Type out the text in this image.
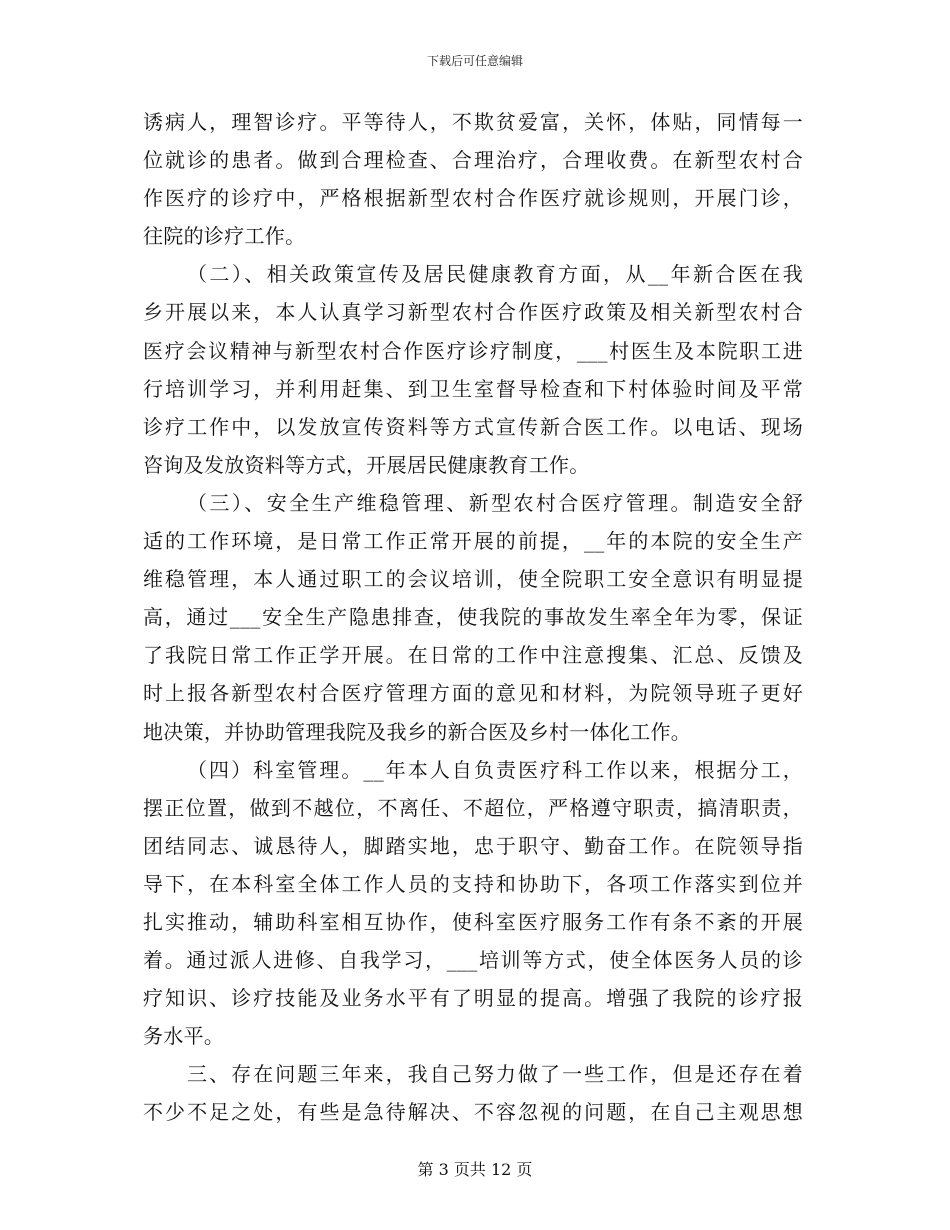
下载后可任意编辑
诱病人，理智诊疗。平等待人，不欺贫爱富，关怀，体贴，同情每一
位就诊的患者。做到合理检查、合理治疗，合理收费。在新型农村合
作医疗的诊疗中，严格根据新型农村合作医疗就诊规则，开展门诊，
往院的诊疗工作。
（二）、相关政策宣传及居民健康教育方面，从__年新合医在我
乡开展以来，本人认真学习新型农村合作医疗政策及相关新型农村合
医疗会议精神与新型农村合作医疗诊疗制度，___村医生及本院职工进
行培训学习，并利用赶集、到卫生室督导检查和下村体验时间及平常
诊疗工作中，以发放宣传资料等方式宣传新合医工作。以电话、现场
咨询及发放资料等方式，开展居民健康教育工作。
（三）、安全生产维稳管理、新型农村合医疗管理。制造安全舒
适的工作环境，是日常工作正常开展的前提，__年的本院的安全生产
维稳管理，本人通过职工的会议培训，使全院职工安全意识有明显提
高，通过___安全生产隐患排查，使我院的事故发生率全年为零，保证
了我院日常工作正学开展。在日常的工作中注意搜集、汇总、反馈及
时上报各新型农村合医疗管理方面的意见和材料，为院领导班子更好
地决策，并协助管理我院及我乡的新合医及乡村一体化工作。
（四）科室管理。__年本人自负责医疗科工作以来，根据分工，
摆正位置，做到不越位，不离任、不超位，严格遵守职责，搞清职责，
团结同志、诚恳待人，脚踏实地，忠于职守、勤奋工作。在院领导指
导下，在本科室全体工作人员的支持和协助下，各项工作落实到位并
扎实推动，辅助科室相互协作，使科室医疗服务工作有条不紊的开展
着。通过派人进修、自我学习，___培训等方式，使全体医务人员的诊
疗知识、诊疗技能及业务水平有了明显的提高。增强了我院的诊疗报
务水平。
三、存在问题三年来，我自己努力做了一些工作，但是还存在着
不少不足之处，有些是急待解决、不容忽视的问题，在自己主观思想
第 3 页共 12 页
